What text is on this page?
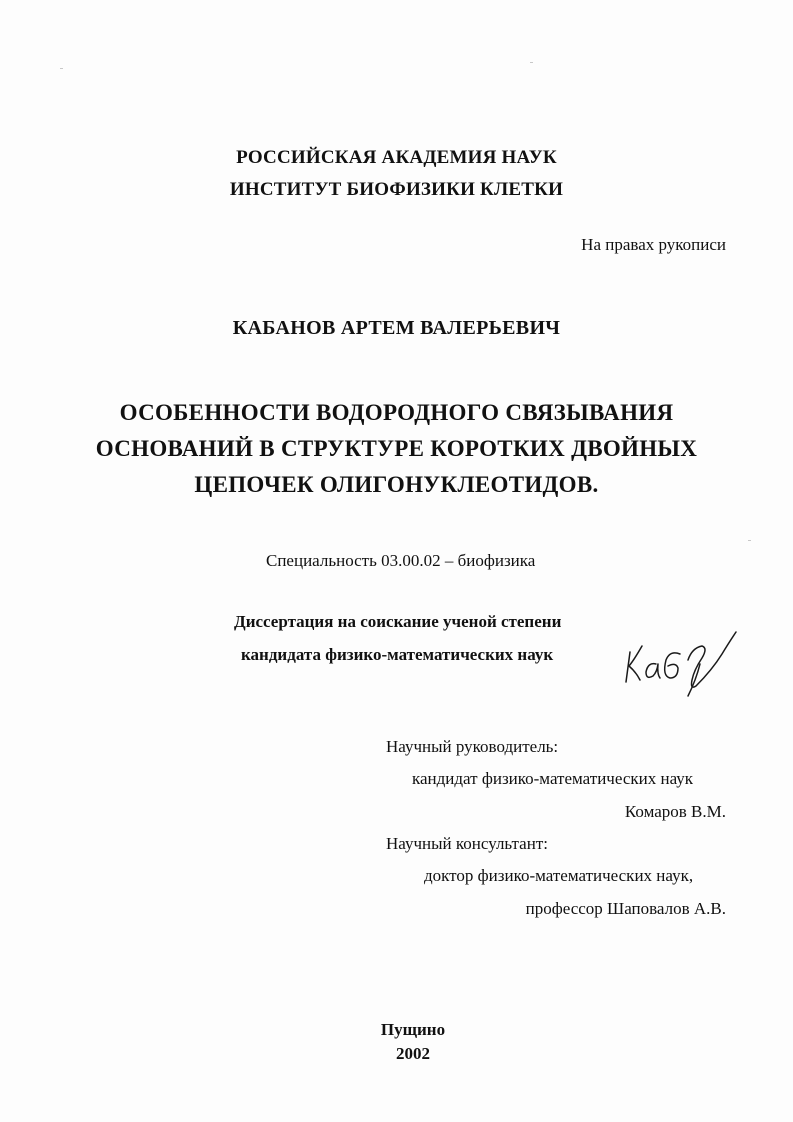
РОССИЙСКАЯ АКАДЕМИЯ НАУК
ИНСТИТУТ БИОФИЗИКИ КЛЕТКИ
На правах рукописи
КАБАНОВ АРТЕМ ВАЛЕРЬЕВИЧ
ОСОБЕННОСТИ ВОДОРОДНОГО СВЯЗЫВАНИЯ
ОСНОВАНИЙ В СТРУКТУРЕ КОРОТКИХ ДВОЙНЫХ
ЦЕПОЧЕК ОЛИГОНУКЛЕОТИДОВ.
Специальность 03.00.02 – биофизика
Диссертация на соискание ученой степени
кандидата физико-математических наук
Научный руководитель:
кандидат физико-математических наук
Комаров В.М.
Научный консультант:
доктор физико-математических наук,
профессор Шаповалов А.В.
Пущино
2002
